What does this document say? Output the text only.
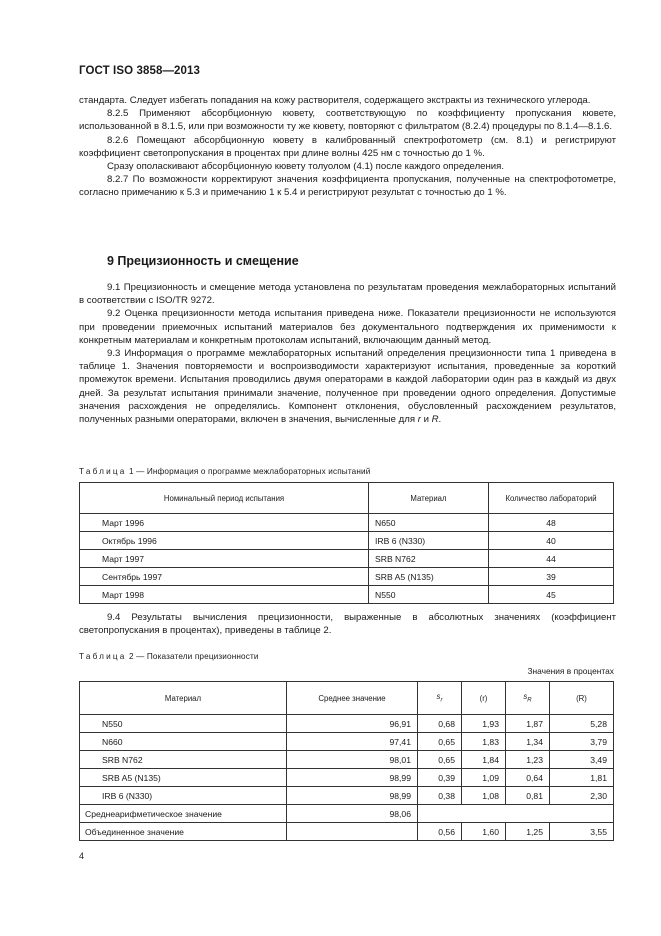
ГОСТ ISO 3858—2013

стандарта. Следует избегать попадания на кожу растворителя, содержащего экстракты из технического углерода.

8.2.5 Применяют абсорбционную кювету, соответствующую по коэффициенту пропускания кювете, использованной в 8.1.5, или при возможности ту же кювету, повторяют с фильтратом (8.2.4) процедуры по 8.1.4—8.1.6.

8.2.6 Помещают абсорбционную кювету в калиброванный спектрофотометр (см. 8.1) и регистрируют коэффициент светопропускания в процентах при длине волны 425 нм с точностью до 1 %.

Сразу ополаскивают абсорбционную кювету толуолом (4.1) после каждого определения.

8.2.7 По возможности корректируют значения коэффициента пропускания, полученные на спектрофотометре, согласно примечанию к 5.3 и примечанию 1 к 5.4 и регистрируют результат с точностью до 1 %.

9 Прецизионность и смещение

9.1 Прецизионность и смещение метода установлена по результатам проведения межлабораторных испытаний в соответствии с ISO/TR 9272.

9.2 Оценка прецизионности метода испытания приведена ниже. Показатели прецизионности не используются при проведении приемочных испытаний материалов без документального подтверждения их применимости к конкретным материалам и конкретным протоколам испытаний, включающим данный метод.

9.3 Информация о программе межлабораторных испытаний определения прецизионности типа 1 приведена в таблице 1. Значения повторяемости и воспроизводимости характеризуют испытания, проведенные за короткий промежуток времени. Испытания проводились двумя операторами в каждой лаборатории один раз в каждый из двух дней. За результат испытания принимали значение, полученное при проведении одного определения. Допустимые значения расхождения не определялись. Компонент отклонения, обусловленный расхождением результатов, полученных разными операторами, включен в значения, вычисленные для r и R.

Таблица 1 — Информация о программе межлабораторных испытаний
Номинальный период испытания	Материал	Количество лабораторий
Март 1996	N650	48
Октябрь 1996	IRB 6 (N330)	40
Март 1997	SRB N762	44
Сентябрь 1997	SRB A5 (N135)	39
Март 1998	N550	45

9.4 Результаты вычисления прецизионности, выраженные в абсолютных значениях (коэффициент светопропускания в процентах), приведены в таблице 2.

Таблица 2 — Показатели прецизионности
Значения в процентах
Материал	Среднее значение	$s_r$	(r)	$s_R$	(R)
N550	96,91	0,68	1,93	1,87	5,28
N660	97,41	0,65	1,83	1,34	3,79
SRB N762	98,01	0,65	1,84	1,23	3,49
SRB A5 (N135)	98,99	0,39	1,09	0,64	1,81
IRB 6 (N330)	98,99	0,38	1,08	0,81	2,30
Среднеарифметическое значение	98,06				
Объединенное значение		0,56	1,60	1,25	3,55
4
